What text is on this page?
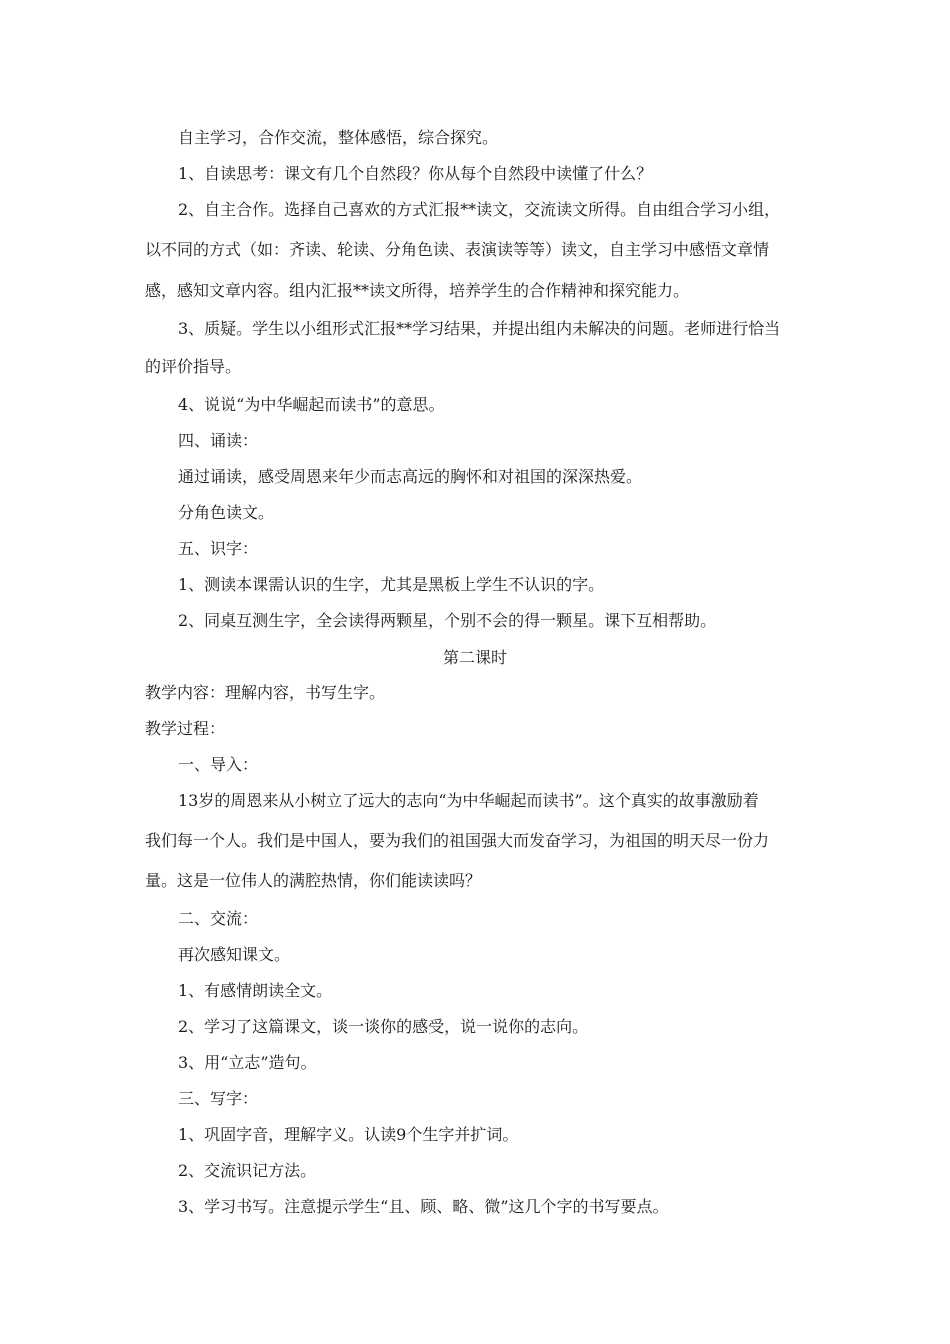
自主学习，合作交流，整体感悟，综合探究。
1、自读思考：课文有几个自然段？你从每个自然段中读懂了什么？
2、自主合作。选择自己喜欢的方式汇报**读文，交流读文所得。自由组合学习小组，
以不同的方式（如：齐读、轮读、分角色读、表演读等等）读文，自主学习中感悟文章情
感，感知文章内容。组内汇报**读文所得，培养学生的合作精神和探究能力。
3、质疑。学生以小组形式汇报**学习结果，并提出组内未解决的问题。老师进行恰当
的评价指导。
4、说说“为中华崛起而读书”的意思。
四、诵读：
通过诵读，感受周恩来年少而志高远的胸怀和对祖国的深深热爱。
分角色读文。
五、识字：
1、测读本课需认识的生字，尤其是黑板上学生不认识的字。
2、同桌互测生字，全会读得两颗星，个别不会的得一颗星。课下互相帮助。
第二课时
教学内容：理解内容，书写生字。
教学过程：
一、导入：
13岁的周恩来从小树立了远大的志向“为中华崛起而读书”。这个真实的故事激励着
我们每一个人。我们是中国人，要为我们的祖国强大而发奋学习，为祖国的明天尽一份力
量。这是一位伟人的满腔热情，你们能读读吗？
二、交流：
再次感知课文。
1、有感情朗读全文。
2、学习了这篇课文，谈一谈你的感受，说一说你的志向。
3、用“立志”造句。
三、写字：
1、巩固字音，理解字义。认读9个生字并扩词。
2、交流识记方法。
3、学习书写。注意提示学生“且、顾、略、微”这几个字的书写要点。
